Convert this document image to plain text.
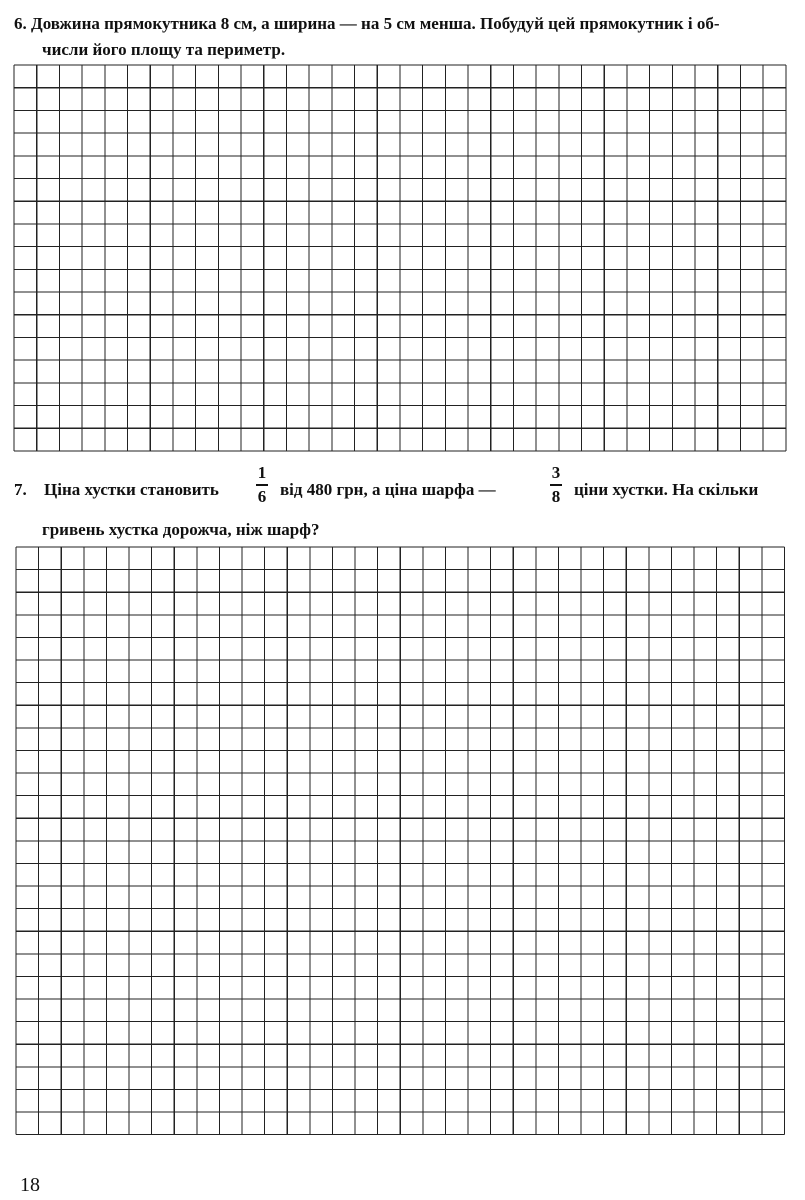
6. Довжина прямокутника 8 см, а ширина — на 5 см менша. Побудуй цей прямокутник і об-
числи його площу та периметр.
7. Ціна хустки становить
1
6 від 480 грн, а ціна шарфа —
3
8 ціни хустки. На скільки
гривень хустка дорожча, ніж шарф?
18
